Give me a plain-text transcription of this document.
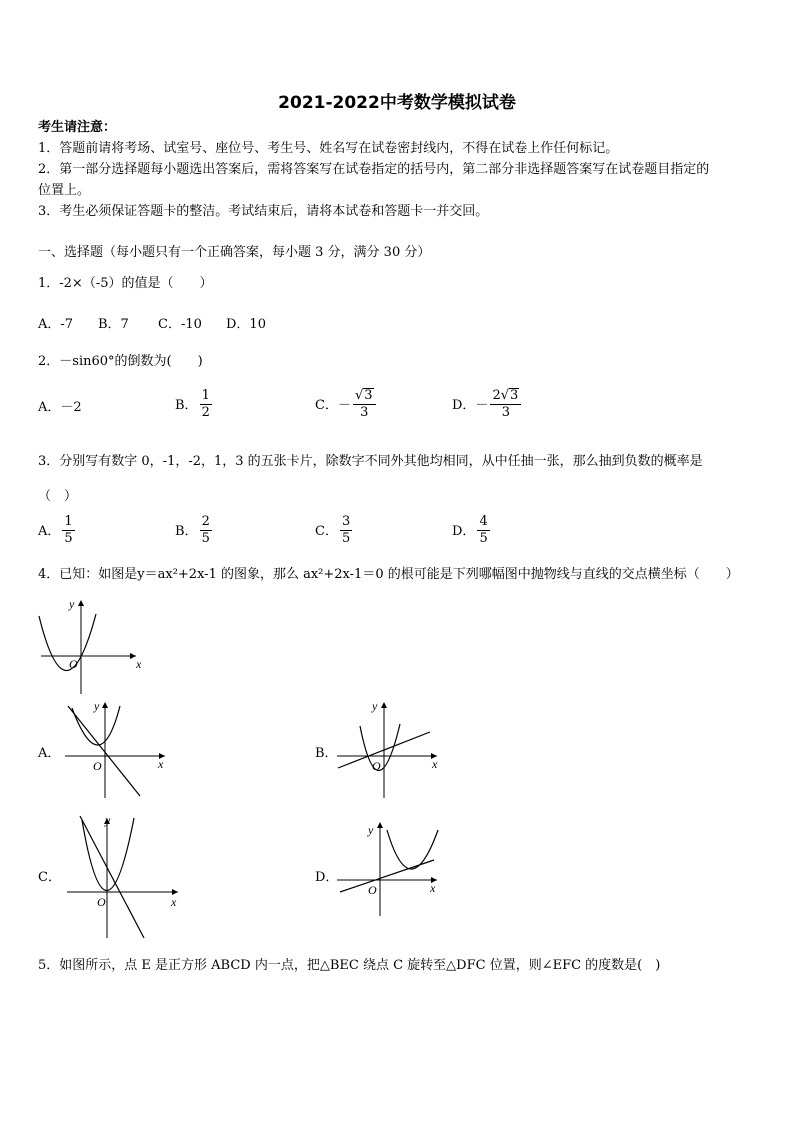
2021-2022中考数学模拟试卷
考生请注意：
1．答题前请将考场、试室号、座位号、考生号、姓名写在试卷密封线内，不得在试卷上作任何标记。
2．第一部分选择题每小题选出答案后，需将答案写在试卷指定的括号内，第二部分非选择题答案写在试卷题目指定的
位置上。
3．考生必须保证答题卡的整洁。考试结束后，请将本试卷和答题卡一并交回。
一、选择题（每小题只有一个正确答案，每小题 3 分，满分 30 分）
1．-2×（-5）的值是（　　）
A．-7 B．7 C．-10 D．10
2．－sin60°的倒数为(　　)
A．－2	B． $\frac{1}{2}$	C．－ $\frac{√3}{3}$	D．－ $\frac{2√3}{3}$
3．分别写有数字 0，-1，-2，1，3 的五张卡片，除数字不同外其他均相同，从中任抽一张，那么抽到负数的概率是
（　）
A． $\frac{1}{5}$	B． $\frac{2}{5}$	C． $\frac{3}{5}$	D． $\frac{4}{5}$
4．已知：如图是y＝ax²+2x-1 的图象，那么 ax²+2x-1＝0 的根可能是下列哪幅图中抛物线与直线的交点横坐标（　　）
x
y
O
A．
x
y
O
B．
x
y
O
C．
x
y
O
D．
x
y
O
5．如图所示，点 E 是正方形 ABCD 内一点，把△BEC 绕点 C 旋转至△DFC 位置，则∠EFC 的度数是(　)
